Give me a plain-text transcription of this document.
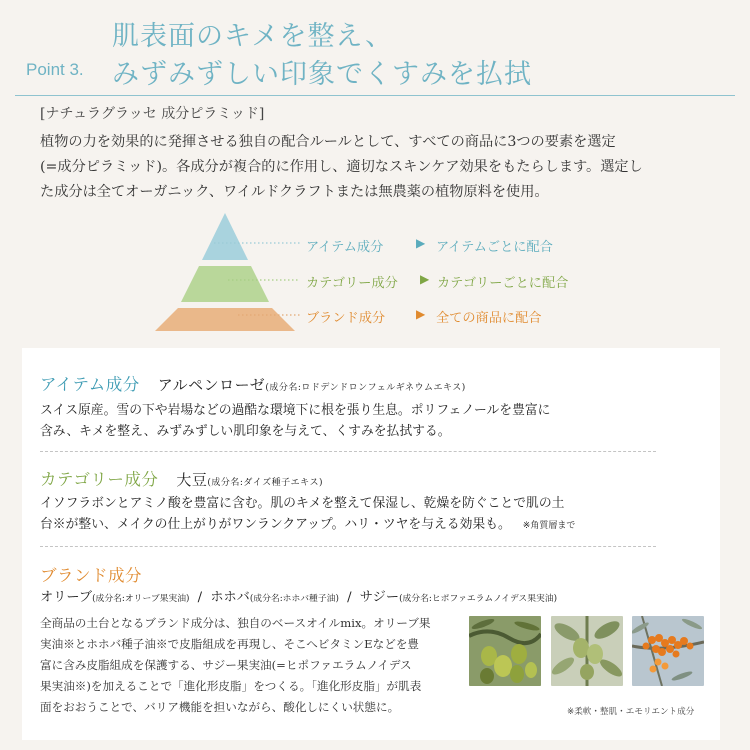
Point 3.
肌表面のキメを整え、
みずみずしい印象でくすみを払拭
[ナチュラグラッセ 成分ピラミッド]
植物の力を効果的に発揮させる独自の配合ルールとして、すべての商品に3つの要素を選定
(=成分ピラミッド)。各成分が複合的に作用し、適切なスキンケア効果をもたらします。選定し
た成分は全てオーガニック、ワイルドクラフトまたは無農薬の植物原料を使用。
アイテム成分	▶ アイテムごとに配合
カテゴリー成分 ▶ カテゴリーごとに配合
ブランド成分	▶ 全ての商品に配合
アイテム成分 アルペンローゼ(成分名:ロドデンドロンフェルギネウムエキス)
スイス原産。雪の下や岩場などの過酷な環境下に根を張り生息。ポリフェノールを豊富に
含み、キメを整え、みずみずしい肌印象を与えて、くすみを払拭する。
カテゴリー成分 大豆(成分名:ダイズ種子エキス)
イソフラボンとアミノ酸を豊富に含む。肌のキメを整えて保湿し、乾燥を防ぐことで肌の土
台※が整い、メイクの仕上がりがワンランクアップ。ハリ・ツヤを与える効果も。 ※角質層まで
ブランド成分
オリーブ(成分名:オリーブ果実油) / ホホバ(成分名:ホホバ種子油) / サジー(成分名:ヒポファエラムノイデス果実油)
全商品の土台となるブランド成分は、独自のベースオイルmix。オリーブ果
実油※とホホバ種子油※で皮脂組成を再現し、そこへビタミンEなどを豊
富に含み皮脂組成を保護する、サジー果実油(=ヒポファエラムノイデス
果実油※)を加えることで「進化形皮脂」をつくる。「進化形皮脂」が肌表
面をおおうことで、バリア機能を担いながら、酸化しにくい状態に。	※柔軟・整肌・エモリエント成分
